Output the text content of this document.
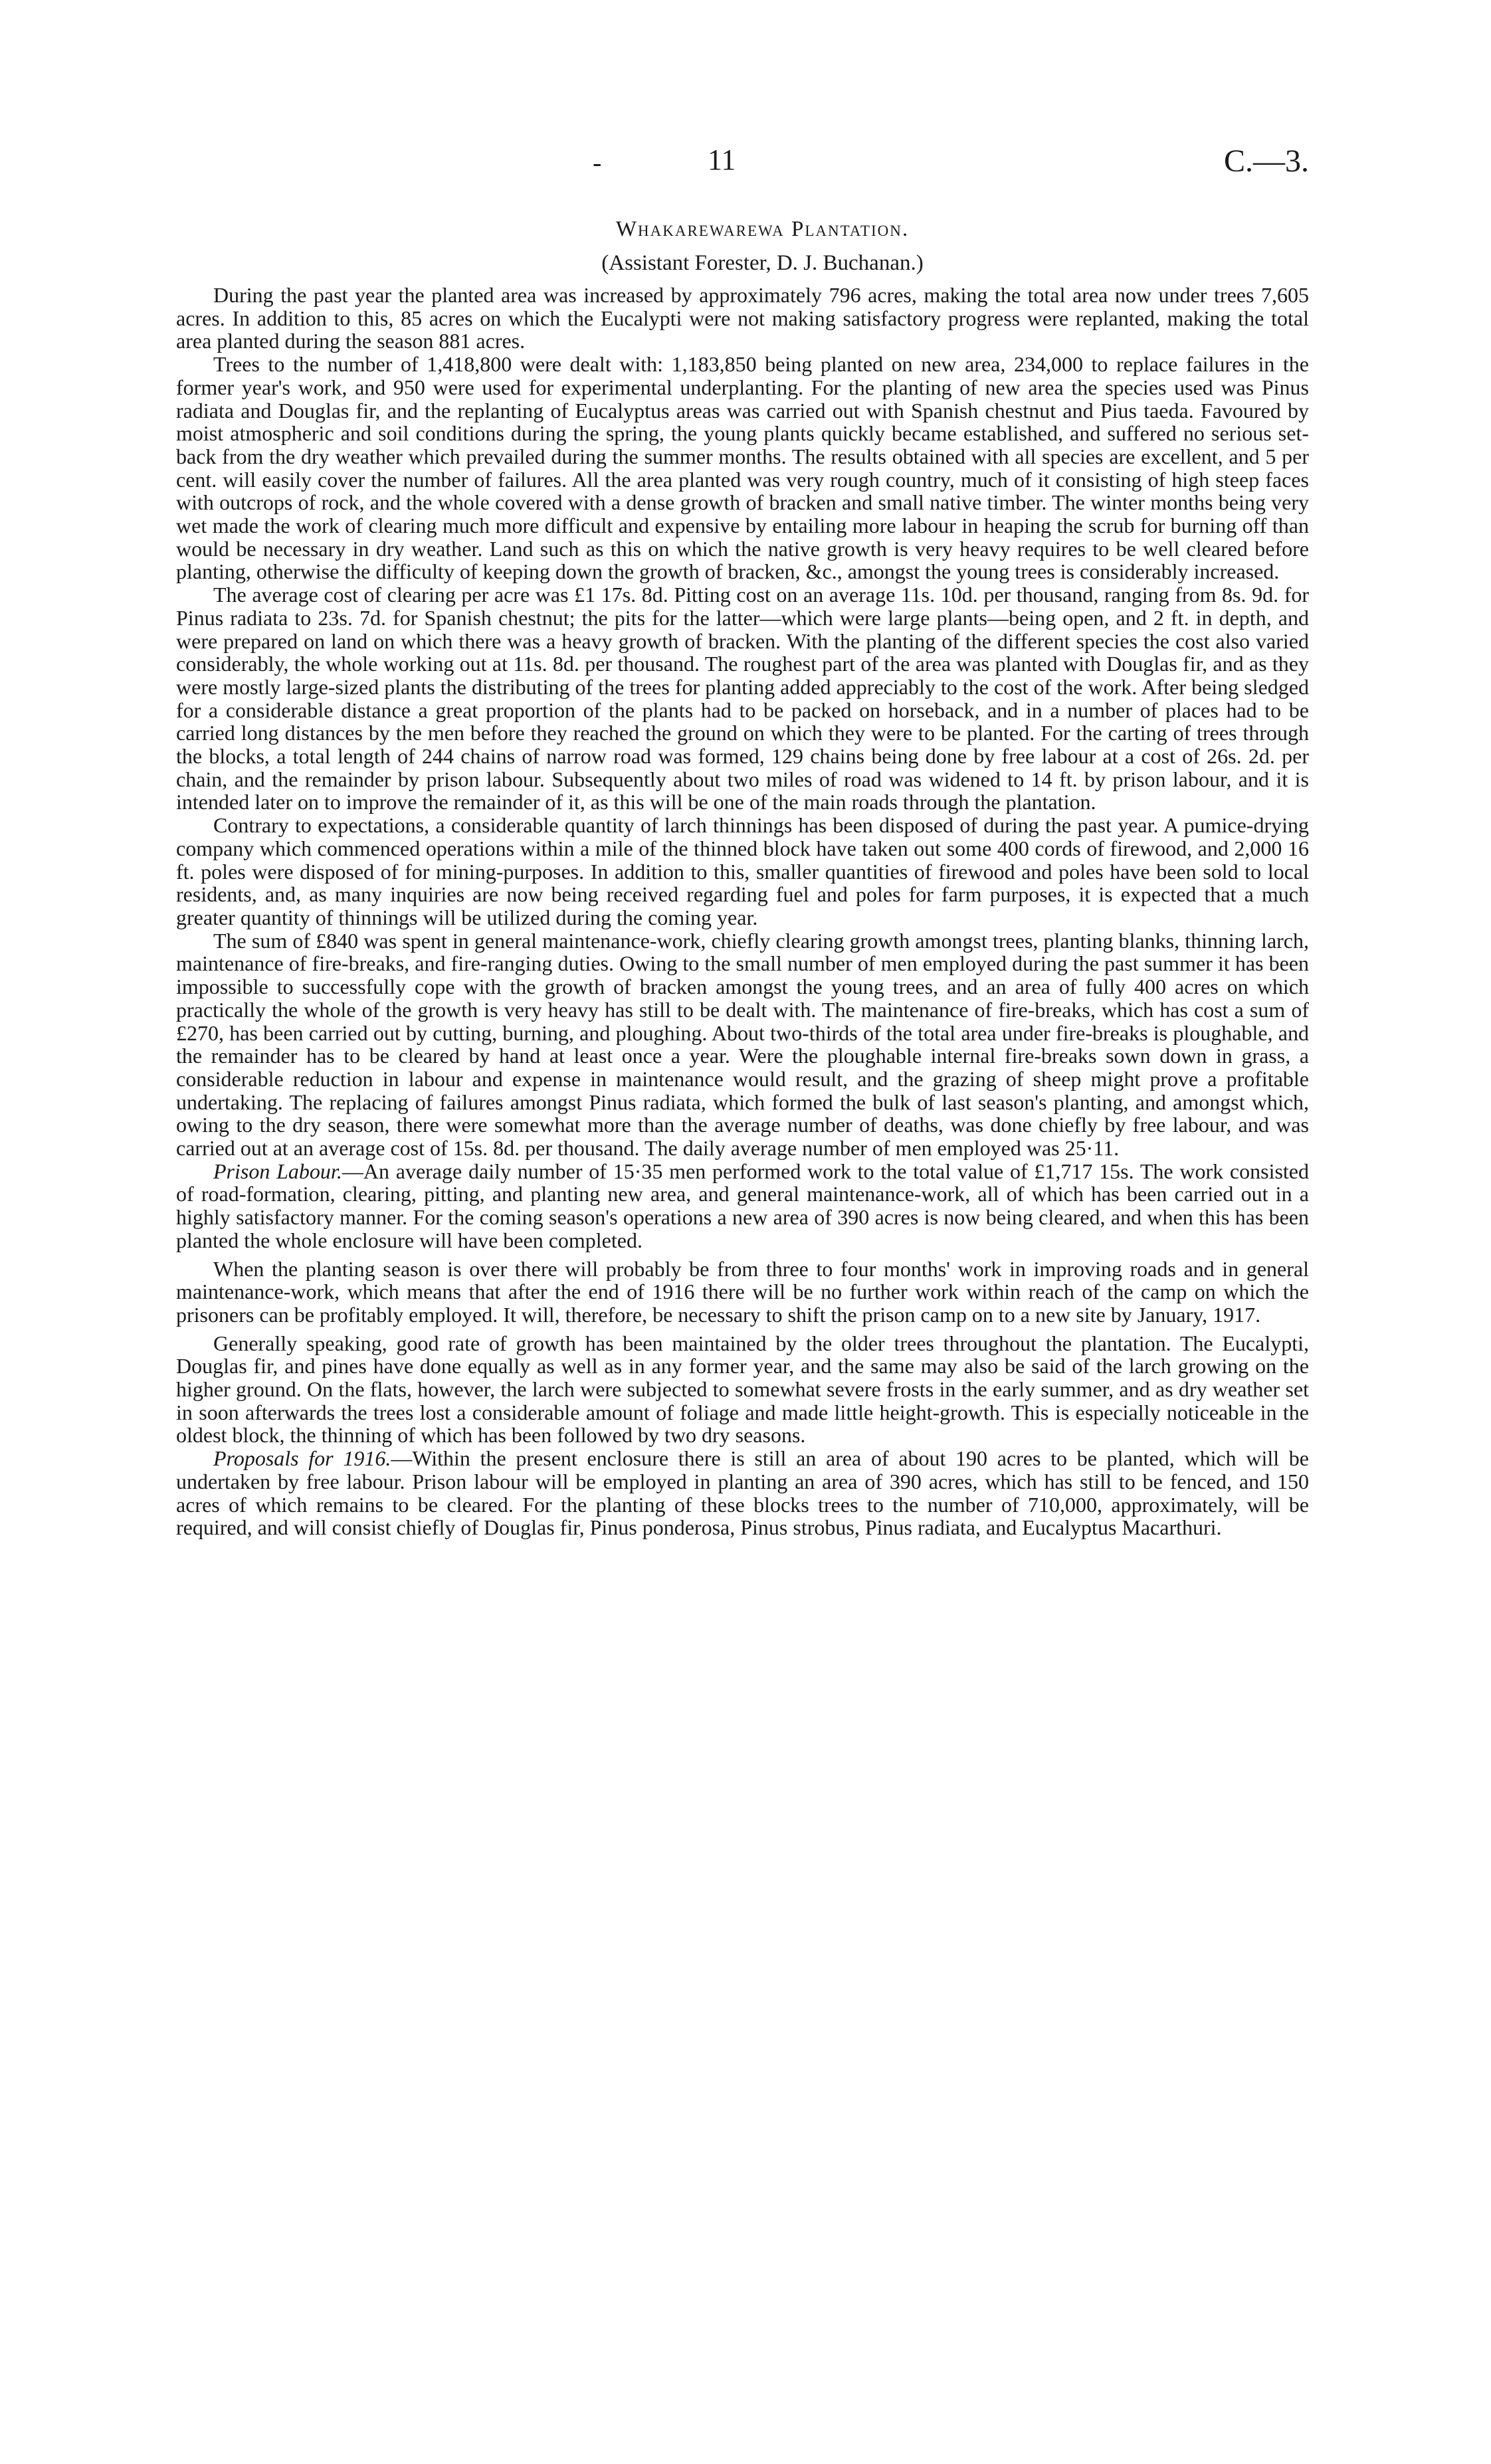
-	11	C.—3.
Whakarewarewa Plantation.
(Assistant Forester, D. J. Buchanan.)

During the past year the planted area was increased by approximately 796 acres, making the total area now under trees 7,605 acres. In addition to this, 85 acres on which the Eucalypti were not making satisfactory progress were replanted, making the total area planted during the season 881 acres.

Trees to the number of 1,418,800 were dealt with: 1,183,850 being planted on new area, 234,000 to replace failures in the former year's work, and 950 were used for experimental underplanting. For the planting of new area the species used was Pinus radiata and Douglas fir, and the replanting of Eucalyptus areas was carried out with Spanish chestnut and Pius taeda. Favoured by moist atmospheric and soil conditions during the spring, the young plants quickly became established, and suffered no serious set-back from the dry weather which prevailed during the summer months. The results obtained with all species are excellent, and 5 per cent. will easily cover the number of failures. All the area planted was very rough country, much of it consisting of high steep faces with outcrops of rock, and the whole covered with a dense growth of bracken and small native timber. The winter months being very wet made the work of clearing much more difficult and expensive by entailing more labour in heaping the scrub for burning off than would be necessary in dry weather. Land such as this on which the native growth is very heavy requires to be well cleared before planting, otherwise the difficulty of keeping down the growth of bracken, &c., amongst the young trees is considerably increased.

The average cost of clearing per acre was £1 17s. 8d. Pitting cost on an average 11s. 10d. per thousand, ranging from 8s. 9d. for Pinus radiata to 23s. 7d. for Spanish chestnut; the pits for the latter—which were large plants—being open, and 2 ft. in depth, and were prepared on land on which there was a heavy growth of bracken. With the planting of the different species the cost also varied considerably, the whole working out at 11s. 8d. per thousand. The roughest part of the area was planted with Douglas fir, and as they were mostly large-sized plants the distributing of the trees for planting added appreciably to the cost of the work. After being sledged for a considerable distance a great proportion of the plants had to be packed on horseback, and in a number of places had to be carried long distances by the men before they reached the ground on which they were to be planted. For the carting of trees through the blocks, a total length of 244 chains of narrow road was formed, 129 chains being done by free labour at a cost of 26s. 2d. per chain, and the remainder by prison labour. Subsequently about two miles of road was widened to 14 ft. by prison labour, and it is intended later on to improve the remainder of it, as this will be one of the main roads through the plantation.

Contrary to expectations, a considerable quantity of larch thinnings has been disposed of during the past year. A pumice-drying company which commenced operations within a mile of the thinned block have taken out some 400 cords of firewood, and 2,000 16 ft. poles were disposed of for mining-purposes. In addition to this, smaller quantities of firewood and poles have been sold to local residents, and, as many inquiries are now being received regarding fuel and poles for farm purposes, it is expected that a much greater quantity of thinnings will be utilized during the coming year.

The sum of £840 was spent in general maintenance-work, chiefly clearing growth amongst trees, planting blanks, thinning larch, maintenance of fire-breaks, and fire-ranging duties. Owing to the small number of men employed during the past summer it has been impossible to successfully cope with the growth of bracken amongst the young trees, and an area of fully 400 acres on which practically the whole of the growth is very heavy has still to be dealt with. The maintenance of fire-breaks, which has cost a sum of £270, has been carried out by cutting, burning, and ploughing. About two-thirds of the total area under fire-breaks is ploughable, and the remainder has to be cleared by hand at least once a year. Were the ploughable internal fire-breaks sown down in grass, a considerable reduction in labour and expense in maintenance would result, and the grazing of sheep might prove a profitable undertaking. The replacing of failures amongst Pinus radiata, which formed the bulk of last season's planting, and amongst which, owing to the dry season, there were somewhat more than the average number of deaths, was done chiefly by free labour, and was carried out at an average cost of 15s. 8d. per thousand. The daily average number of men employed was 25·11.

Prison Labour.—An average daily number of 15·35 men performed work to the total value of £1,717 15s. The work consisted of road-formation, clearing, pitting, and planting new area, and general maintenance-work, all of which has been carried out in a highly satisfactory manner. For the coming season's operations a new area of 390 acres is now being cleared, and when this has been planted the whole enclosure will have been completed.

When the planting season is over there will probably be from three to four months' work in improving roads and in general maintenance-work, which means that after the end of 1916 there will be no further work within reach of the camp on which the prisoners can be profitably employed. It will, therefore, be necessary to shift the prison camp on to a new site by January, 1917.

Generally speaking, good rate of growth has been maintained by the older trees throughout the plantation. The Eucalypti, Douglas fir, and pines have done equally as well as in any former year, and the same may also be said of the larch growing on the higher ground. On the flats, however, the larch were subjected to somewhat severe frosts in the early summer, and as dry weather set in soon afterwards the trees lost a considerable amount of foliage and made little height-growth. This is especially noticeable in the oldest block, the thinning of which has been followed by two dry seasons.

Proposals for 1916.—Within the present enclosure there is still an area of about 190 acres to be planted, which will be undertaken by free labour. Prison labour will be employed in planting an area of 390 acres, which has still to be fenced, and 150 acres of which remains to be cleared. For the planting of these blocks trees to the number of 710,000, approximately, will be required, and will consist chiefly of Douglas fir, Pinus ponderosa, Pinus strobus, Pinus radiata, and Eucalyptus Macarthuri.
